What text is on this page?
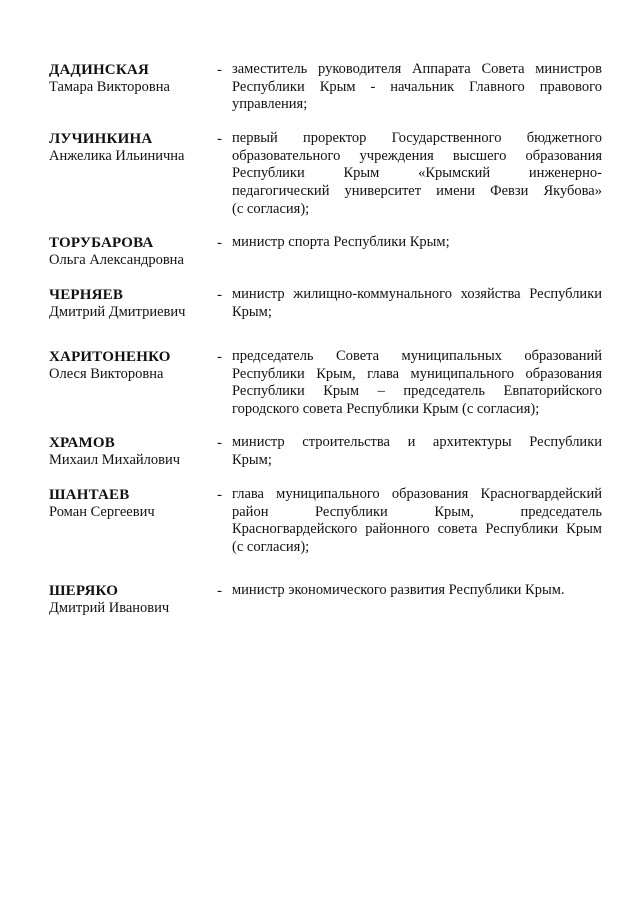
ДАДИНСКАЯ
Тамара Викторовна
- заместитель руководителя Аппарата Совета министров
Республики Крым - начальник Главного правового
управления;
ЛУЧИНКИНА
Анжелика Ильинична
- первый проректор Государственного бюджетного
образовательного учреждения высшего образования
Республики Крым «Крымский инженерно-
педагогический университет имени Февзи Якубова»
(с согласия);
ТОРУБАРОВА
Ольга Александровна
- министр спорта Республики Крым;
ЧЕРНЯЕВ
Дмитрий Дмитриевич
- министр жилищно-коммунального хозяйства Республики
Крым;
ХАРИТОНЕНКО
Олеся Викторовна
- председатель Совета муниципальных образований
Республики Крым, глава муниципального образования
Республики Крым – председатель Евпаторийского
городского совета Республики Крым (с согласия);
ХРАМОВ
Михаил Михайлович
- министр строительства и архитектуры Республики
Крым;
ШАНТАЕВ
Роман Сергеевич
- глава муниципального образования Красногвардейский
район Республики Крым, председатель
Красногвардейского районного совета Республики Крым
(с согласия);
ШЕРЯКО
Дмитрий Иванович
- министр экономического развития Республики Крым.
